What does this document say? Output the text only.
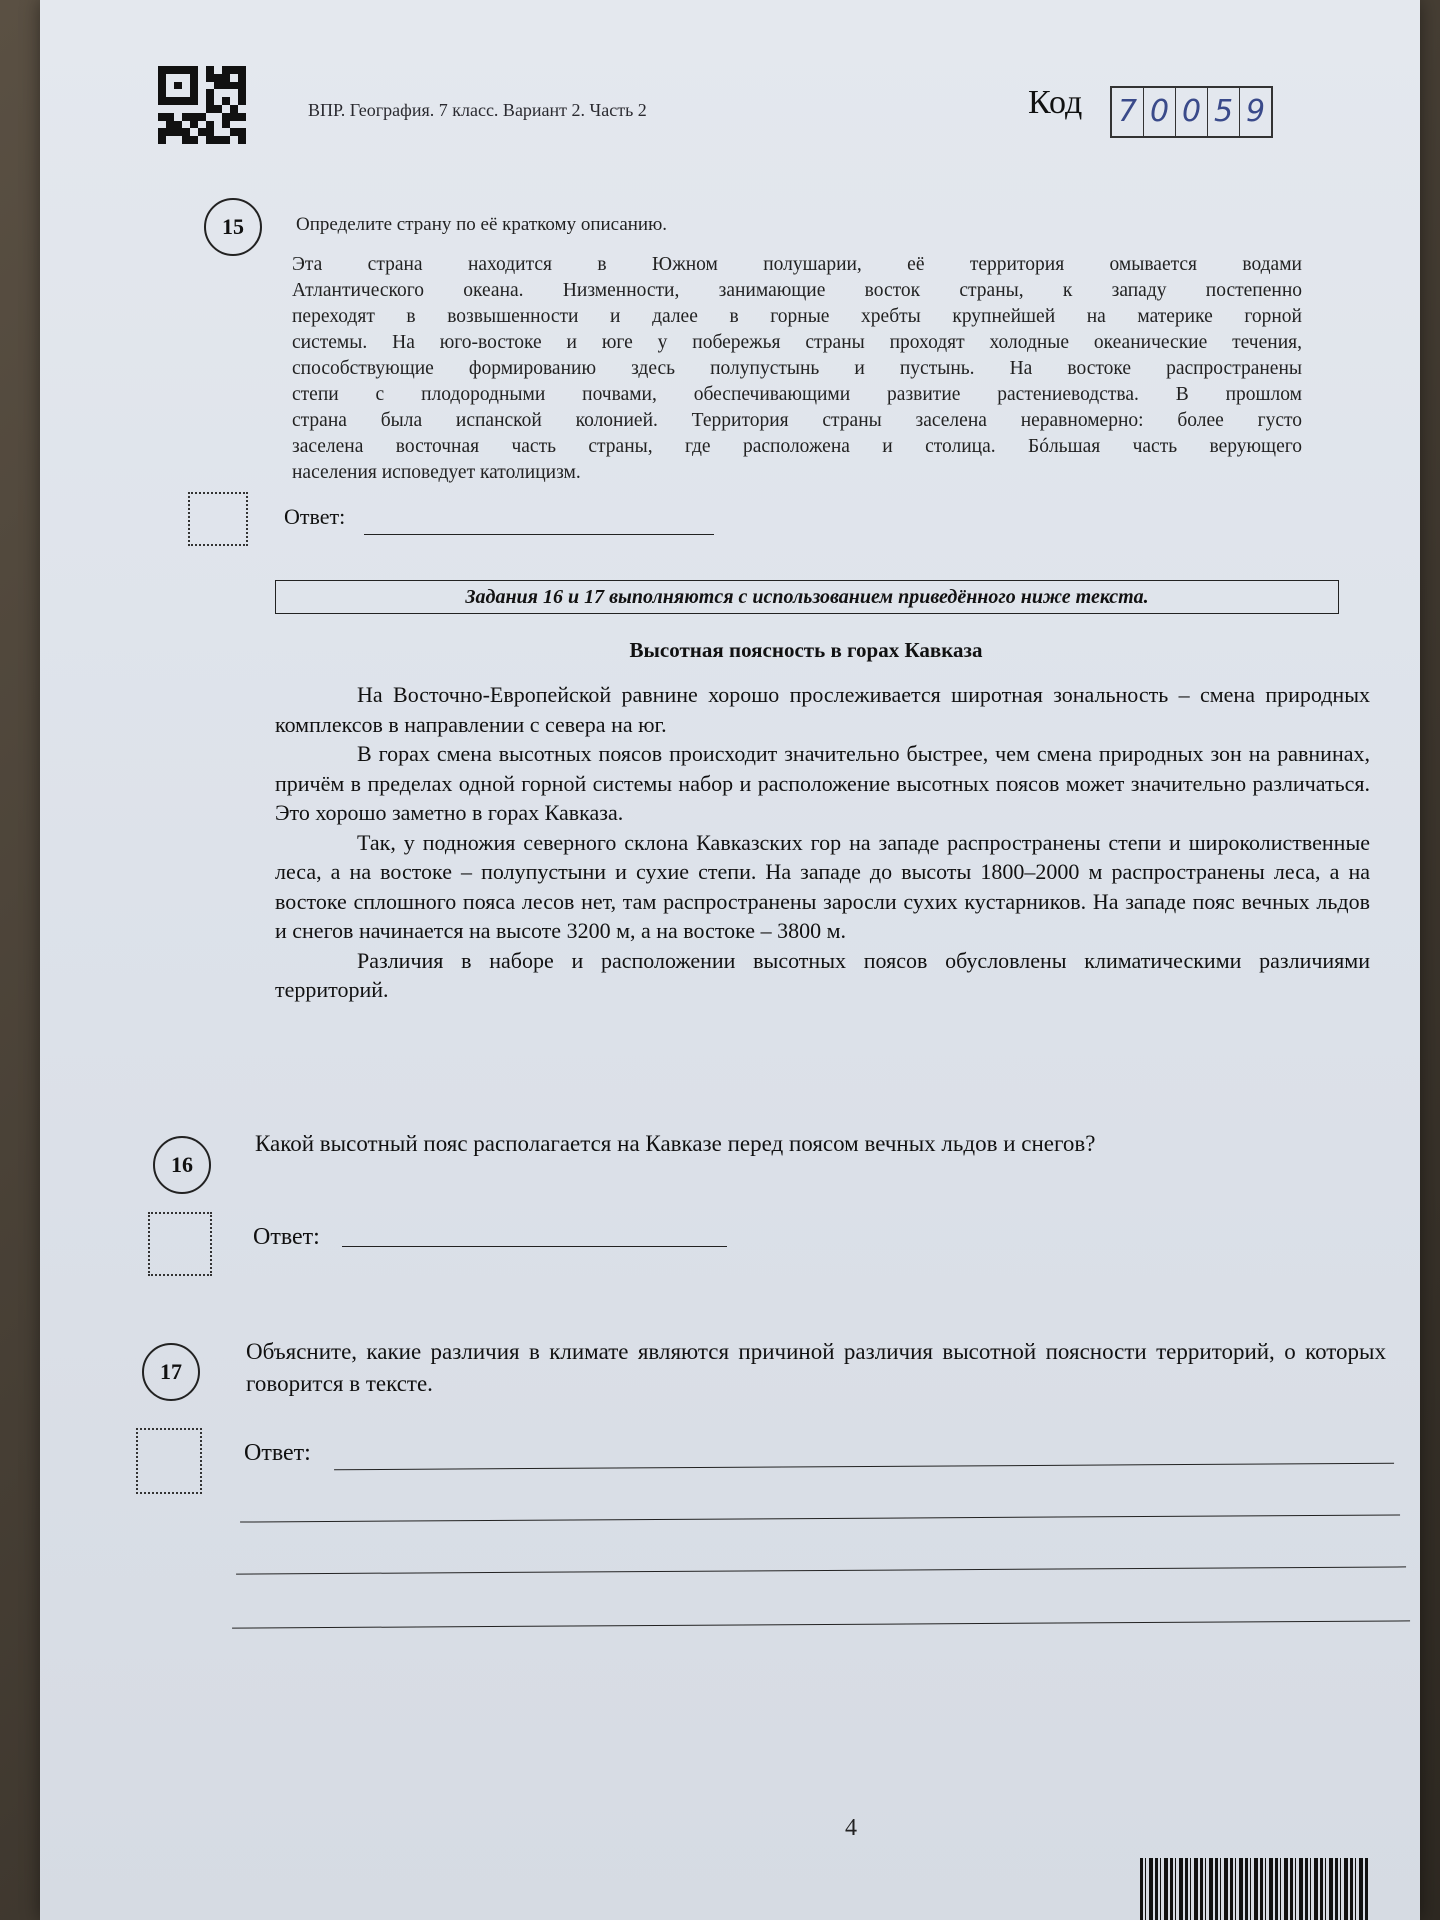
ВПР. География. 7 класс. Вариант 2. Часть 2	Код 7 0 0 5 9
15	Определите страну по её краткому описанию.
Эта страна находится в Южном полушарии, её территория омывается водами
Атлантического океана. Низменности, занимающие восток страны, к западу постепенно
переходят в возвышенности и далее в горные хребты крупнейшей на материке горной
системы. На юго-востоке и юге у побережья страны проходят холодные океанические течения,
способствующие формированию здесь полупустынь и пустынь. На востоке распространены
степи с плодородными почвами, обеспечивающими развитие растениеводства. В прошлом
страна была испанской колонией. Территория страны заселена неравномерно: более густо
заселена восточная часть страны, где расположена и столица. Бóльшая часть верующего
населения исповедует католицизм.
Ответ:
Задания 16 и 17 выполняются с использованием приведённого ниже текста.
Высотная поясность в горах Кавказа

На Восточно-Европейской равнине хорошо прослеживается широтная зональность – смена природных комплексов в направлении с севера на юг.

В горах смена высотных поясов происходит значительно быстрее, чем смена природных зон на равнинах, причём в пределах одной горной системы набор и расположение высотных поясов может значительно различаться. Это хорошо заметно в горах Кавказа.

Так, у подножия северного склона Кавказских гор на западе распространены степи и широколиственные леса, а на востоке – полупустыни и сухие степи. На западе до высоты 1800–2000 м распространены леса, а на востоке сплошного пояса лесов нет, там распространены заросли сухих кустарников. На западе пояс вечных льдов и снегов начинается на высоте 3200 м, а на востоке – 3800 м.

Различия в наборе и расположении высотных поясов обусловлены климатическими различиями территорий.

16
Какой высотный пояс располагается на Кавказе перед поясом вечных льдов и снегов?
Ответ:
17
Объясните, какие различия в климате являются причиной различия высотной поясности территорий, о которых говорится в тексте.
Ответ:
4
